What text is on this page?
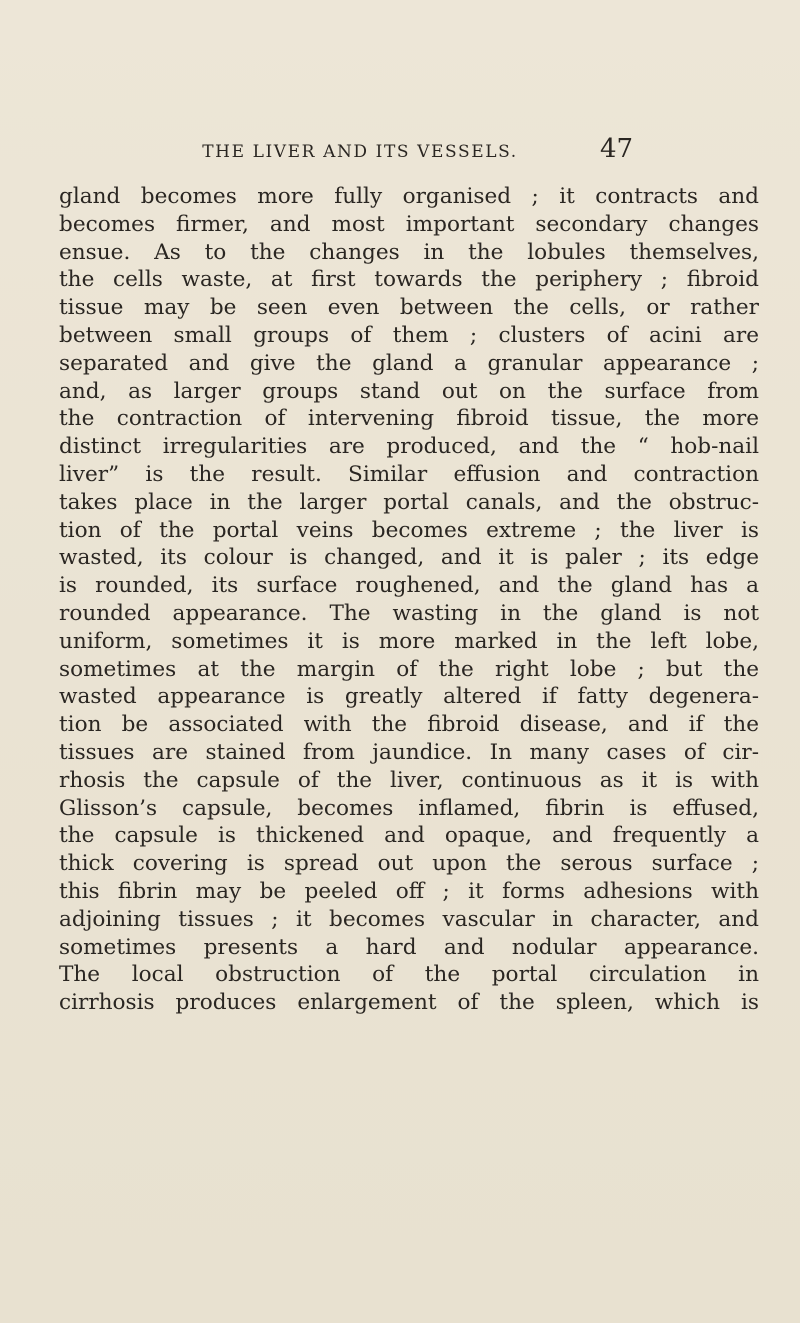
THE LIVER AND ITS VESSELS.	47
gland becomes more fully organised ; it contracts and
becomes firmer, and most important secondary changes
ensue. As to the changes in the lobules themselves,
the cells waste, at first towards the periphery ; fibroid
tissue may be seen even between the cells, or rather
between small groups of them ; clusters of acini are
separated and give the gland a granular appearance ;
and, as larger groups stand out on the surface from
the contraction of intervening fibroid tissue, the more
distinct irregularities are produced, and the “ hob-nail
liver” is the result. Similar effusion and contraction
takes place in the larger portal canals, and the obstruc-
tion of the portal veins becomes extreme ; the liver is
wasted, its colour is changed, and it is paler ; its edge
is rounded, its surface roughened, and the gland has a
rounded appearance. The wasting in the gland is not
uniform, sometimes it is more marked in the left lobe,
sometimes at the margin of the right lobe ; but the
wasted appearance is greatly altered if fatty degenera-
tion be associated with the fibroid disease, and if the
tissues are stained from jaundice. In many cases of cir-
rhosis the capsule of the liver, continuous as it is with
Glisson’s capsule, becomes inflamed, fibrin is effused,
the capsule is thickened and opaque, and frequently a
thick covering is spread out upon the serous surface ;
this fibrin may be peeled off ; it forms adhesions with
adjoining tissues ; it becomes vascular in character, and
sometimes presents a hard and nodular appearance.
The local obstruction of the portal circulation in
cirrhosis produces enlargement of the spleen, which is
